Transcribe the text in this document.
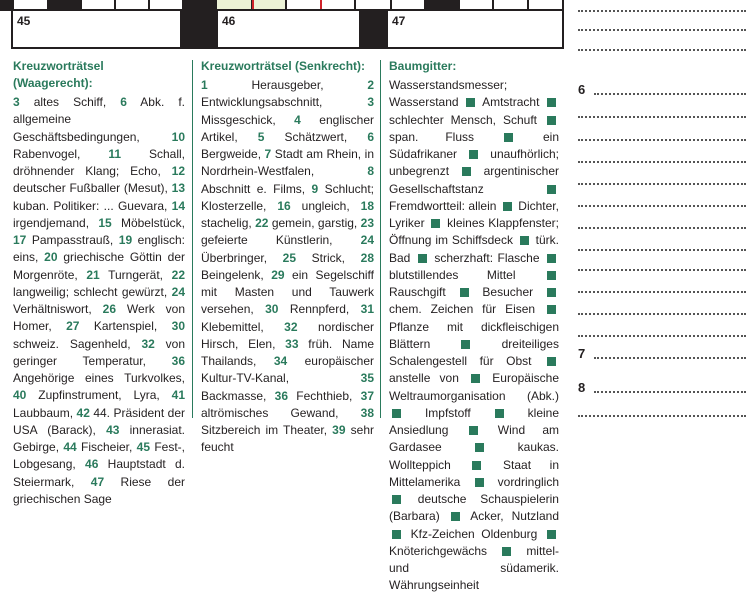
45	46	47
Kreuzworträtsel (Waagerecht):

3 altes Schiff, 6 Abk. f. allgemeine Geschäftsbedingungen, 10 Rabenvogel, 11 Schall, dröhnender Klang; Echo, 12 deutscher Fußballer (Mesut), 13 kuban. Politiker: ... Guevara, 14 irgendjemand, 15 Möbelstück, 17 Pampasstrauß, 19 englisch: eins, 20 griechische Göttin der Morgenröte, 21 Turngerät, 22 langweilig; schlecht gewürzt, 24 Verhältniswort, 26 Werk von Homer, 27 Kartenspiel, 30 schweiz. Sagenheld, 32 von geringer Temperatur, 36 Angehörige eines Turkvolkes, 40 Zupfinstrument, Lyra, 41 Laubbaum, 42 44. Präsident der USA (Barack), 43 innerasiat. Gebirge, 44 Fischeier, 45 Fest-, Lobgesang, 46 Hauptstadt d. Steiermark, 47 Riese der griechischen Sage

Kreuzworträtsel (Senkrecht):

1 Herausgeber, 2 Entwicklungsabschnitt, 3 Missgeschick, 4 englischer Artikel, 5 Schätzwert, 6 Bergweide, 7 Stadt am Rhein, in Nordrhein-Westfalen, 8 Abschnitt e. Films, 9 Schlucht; Klosterzelle, 16 ungleich, 18 stachelig, 22 gemein, garstig, 23 gefeierte Künstlerin, 24 Überbringer, 25 Strick, 28 Beingelenk, 29 ein Segelschiff mit Masten und Tauwerk versehen, 30 Rennpferd, 31 Klebemittel, 32 nordischer Hirsch, Elen, 33 früh. Name Thailands, 34 europäischer Kultur-TV-Kanal, 35 Backmasse, 36 Fechthieb, 37 altrömisches Gewand, 38 Sitzbereich im Theater, 39 sehr feucht

Baumgitter:

Wasserstandsmesser; Wasserstand Amtstracht  schlechter Mensch, Schuft  span. Fluss	ein Südafrikaner	unaufhörlich; unbegrenzt	argentinischer Gesellschaftstanz  Fremdwortteil: allein Dichter, Lyriker kleines Klappfenster; Öffnung im Schiffsdeck türk. Bad scherzhaft: Flasche  blutstillendes Mittel  Rauschgift	Besucher  chem. Zeichen für Eisen  Pflanze mit dickfleischigen Blättern	dreiteiliges Schalengestell für Obst  anstelle von	Europäische Weltraumorganisation (Abk.)  Impfstoff	kleine Ansiedlung	Wind am Gardasee	kaukas. Wollteppich	Staat in Mittelamerika	vordringlich  deutsche Schauspielerin (Barbara)	Acker, Nutzland  Kfz-Zeichen Oldenburg  Knöterichgewächs	mittel- und südamerik. Währungseinheit

6
7
8
